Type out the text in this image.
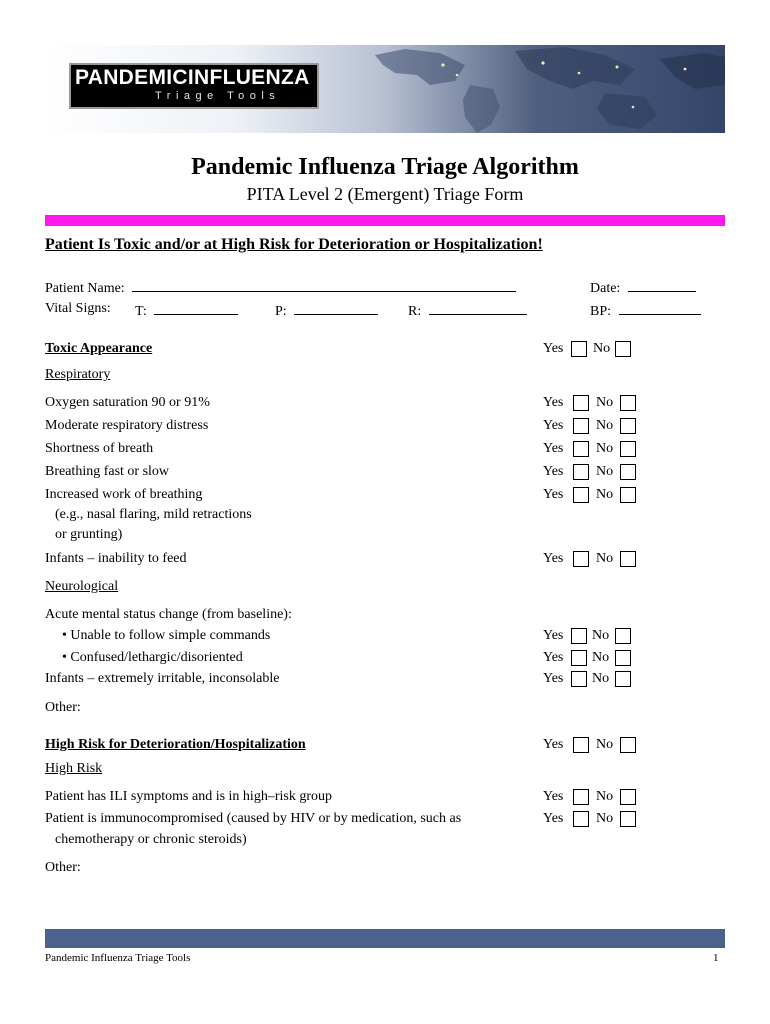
PANDEMICINFLUENZA
Triage Tools
Pandemic Influenza Triage Algorithm
PITA Level 2 (Emergent) Triage Form
Patient Is Toxic and/or at High Risk for Deterioration or Hospitalization!
Patient Name:	Date:
Vital Signs: T:	P:	R:	BP:
Toxic Appearance	Yes No
Respiratory
Oxygen saturation 90 or 91%	Yes No
Moderate respiratory distress	Yes No
Shortness of breath	Yes No
Breathing fast or slow	Yes No
Increased work of breathing	Yes No
(e.g., nasal flaring, mild retractions
or grunting)
Infants – inability to feed	Yes No
Neurological
Acute mental status change (from baseline):
• Unable to follow simple commands	Yes No
• Confused/lethargic/disoriented	Yes No
Infants – extremely irritable, inconsolable	Yes No
Other:
High Risk for Deterioration/Hospitalization	Yes No
High Risk
Patient has ILI symptoms and is in high–risk group	Yes No
Patient is immunocompromised (caused by HIV or by medication, such as	Yes No
chemotherapy or chronic steroids)
Other:
Pandemic Influenza Triage Tools	1
